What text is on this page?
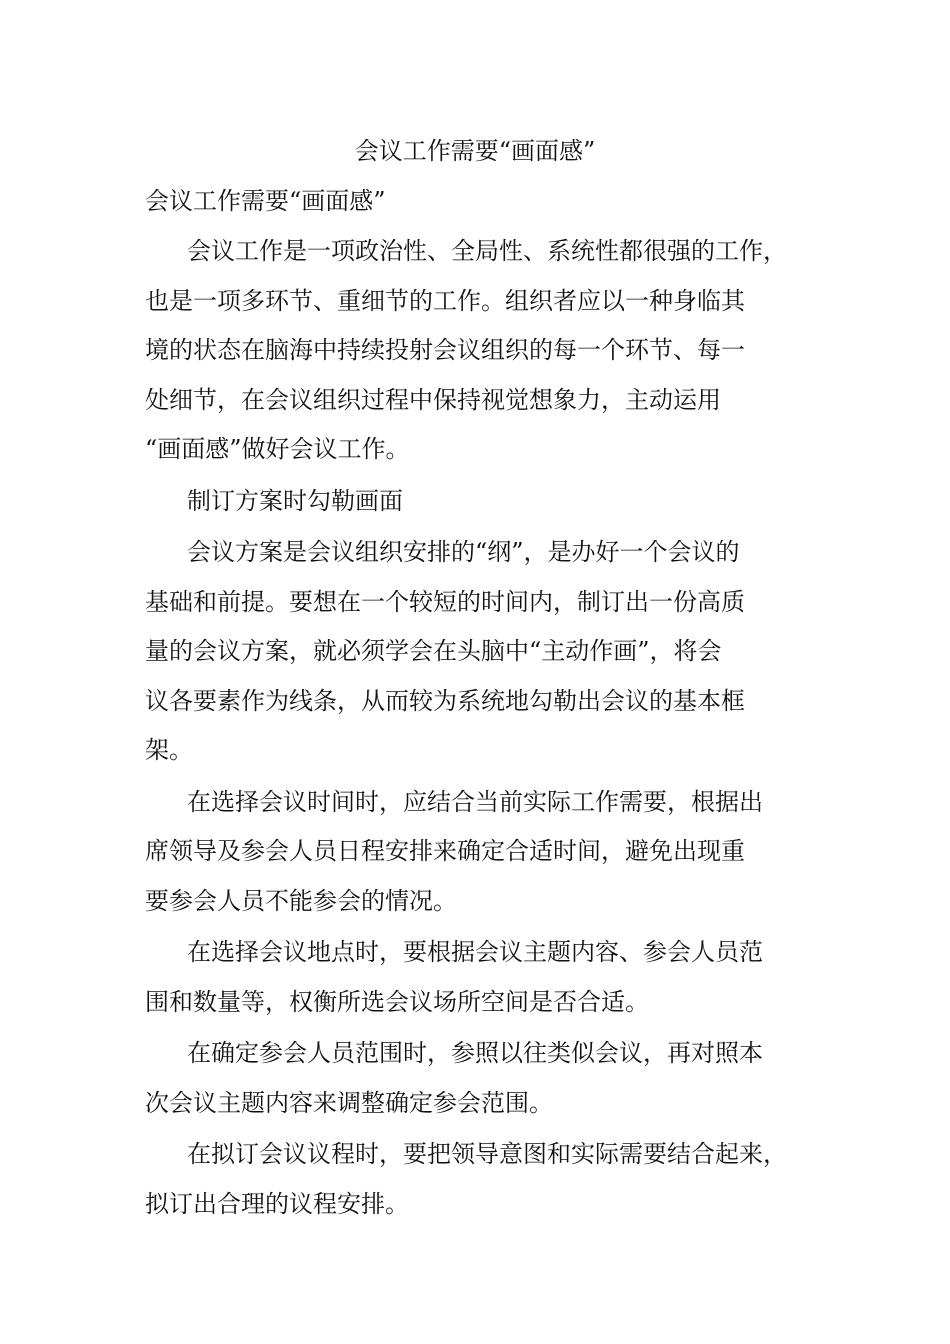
会议工作需要“画面感”
会议工作需要“画面感”

会议工作是一项政治性、全局性、系统性都很强的工作，
也是一项多环节、重细节的工作。组织者应以一种身临其
境的状态在脑海中持续投射会议组织的每一个环节、每一
处细节，在会议组织过程中保持视觉想象力，主动运用
“画面感”做好会议工作。

制订方案时勾勒画面

会议方案是会议组织安排的“纲”，是办好一个会议的
基础和前提。要想在一个较短的时间内，制订出一份高质
量的会议方案，就必须学会在头脑中“主动作画”，将会
议各要素作为线条，从而较为系统地勾勒出会议的基本框
架。

在选择会议时间时，应结合当前实际工作需要，根据出
席领导及参会人员日程安排来确定合适时间，避免出现重
要参会人员不能参会的情况。

在选择会议地点时，要根据会议主题内容、参会人员范
围和数量等，权衡所选会议场所空间是否合适。

在确定参会人员范围时，参照以往类似会议，再对照本
次会议主题内容来调整确定参会范围。

在拟订会议议程时，要把领导意图和实际需要结合起来，
拟订出合理的议程安排。
